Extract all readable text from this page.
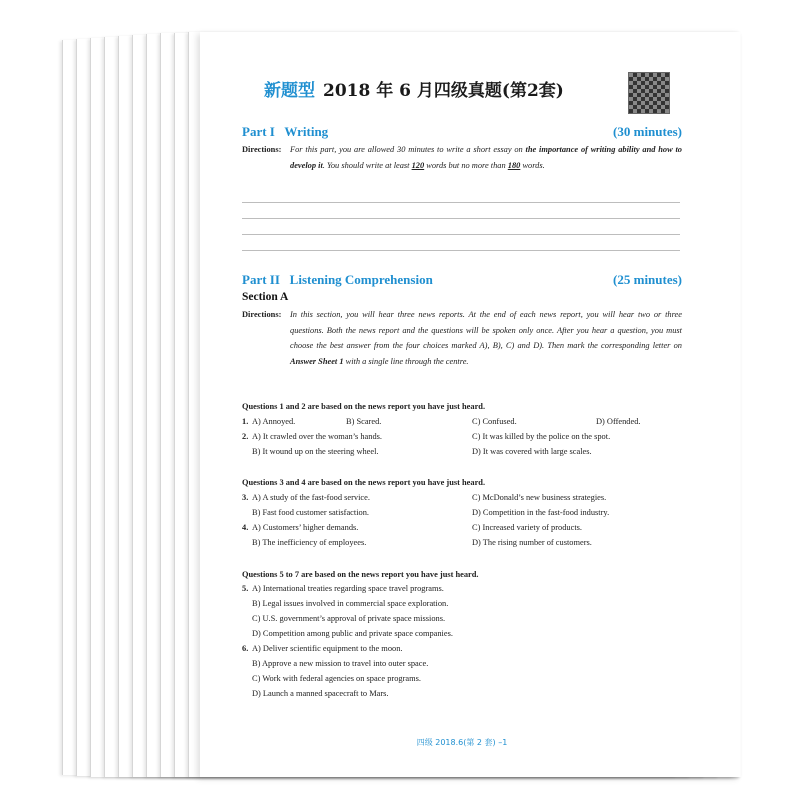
新题型 2018 年 6 月四级真题(第2套)
Part I   Writing	(30 minutes)
Directions: For this part, you are allowed 30 minutes to write a short essay on the importance of writing ability and how to develop it. You should write at least 120 words but no more than 180 words.
Part II   Listening Comprehension	(25 minutes)
Section A
Directions: In this section, you will hear three news reports. At the end of each news report, you will hear two or three questions. Both the news report and the questions will be spoken only once. After you hear a question, you must choose the best answer from the four choices marked A), B), C) and D). Then mark the corresponding letter on Answer Sheet 1 with a single line through the centre.
Questions 1 and 2 are based on the news report you have just heard.
1. A) Annoyed.	B) Scared.	C) Confused.	D) Offended.
2. A) It crawled over the woman’s hands.	C) It was killed by the police on the spot.
B) It wound up on the steering wheel.	D) It was covered with large scales.
Questions 3 and 4 are based on the news report you have just heard.
3. A) A study of the fast-food service.	C) McDonald’s new business strategies.
B) Fast food customer satisfaction.	D) Competition in the fast-food industry.
4. A) Customers’ higher demands.	C) Increased variety of products.
B) The inefficiency of employees.	D) The rising number of customers.
Questions 5 to 7 are based on the news report you have just heard.
5. A) International treaties regarding space travel programs.
B) Legal issues involved in commercial space exploration.
C) U.S. government’s approval of private space missions.
D) Competition among public and private space companies.
6. A) Deliver scientific equipment to the moon.
B) Approve a new mission to travel into outer space.
C) Work with federal agencies on space programs.
D) Launch a manned spacecraft to Mars.
四级 2018.6(第 2 套) –1
